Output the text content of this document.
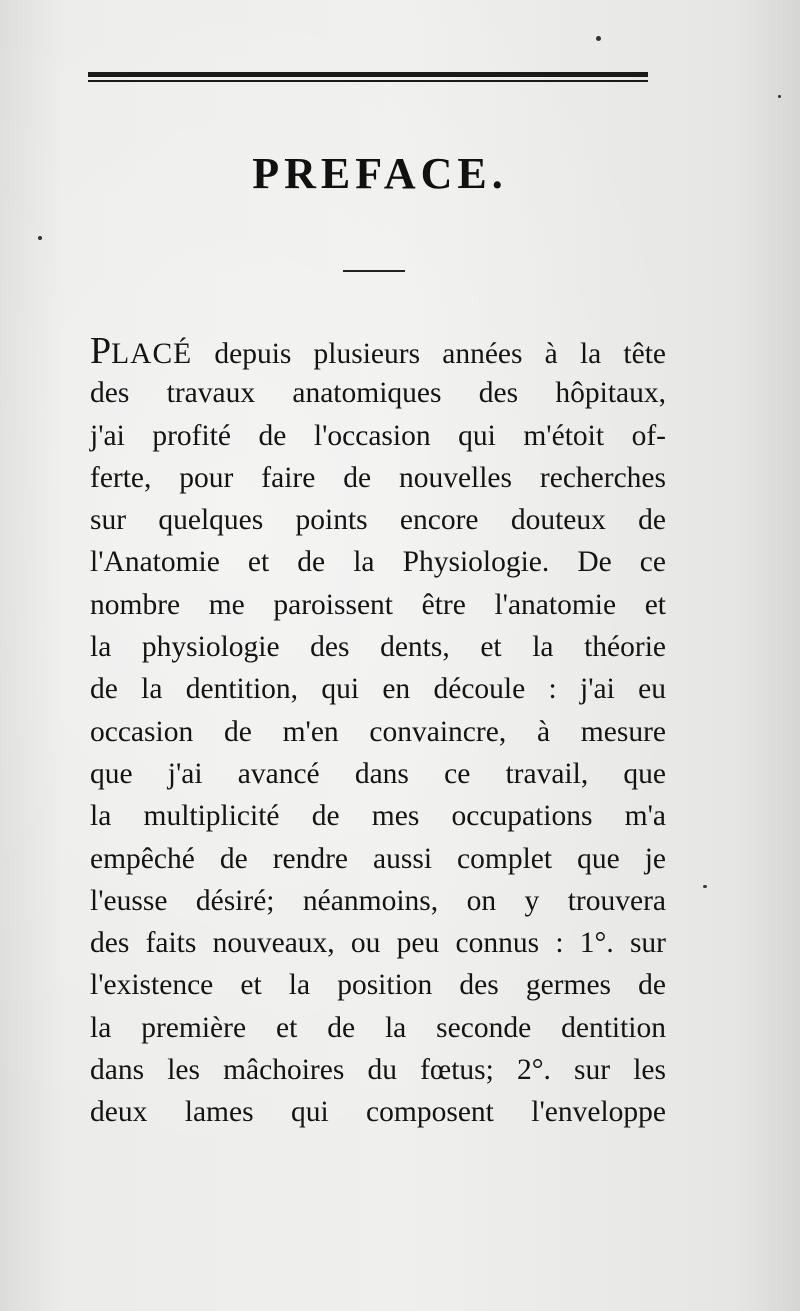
PREFACE.
PLACÉ depuis plusieurs années à la tête
des travaux anatomiques des hôpitaux,
j'ai profité de l'occasion qui m'étoit of-
ferte, pour faire de nouvelles recherches
sur quelques points encore douteux de
l'Anatomie et de la Physiologie. De ce
nombre me paroissent être l'anatomie et
la physiologie des dents, et la théorie
de la dentition, qui en découle : j'ai eu
occasion de m'en convaincre, à mesure
que j'ai avancé dans ce travail, que
la multiplicité de mes occupations m'a
empêché de rendre aussi complet que je
l'eusse désiré; néanmoins, on y trouvera
des faits nouveaux, ou peu connus : 1°. sur
l'existence et la position des germes de
la première et de la seconde dentition
dans les mâchoires du fœtus; 2°. sur les
deux lames qui composent l'enveloppe
